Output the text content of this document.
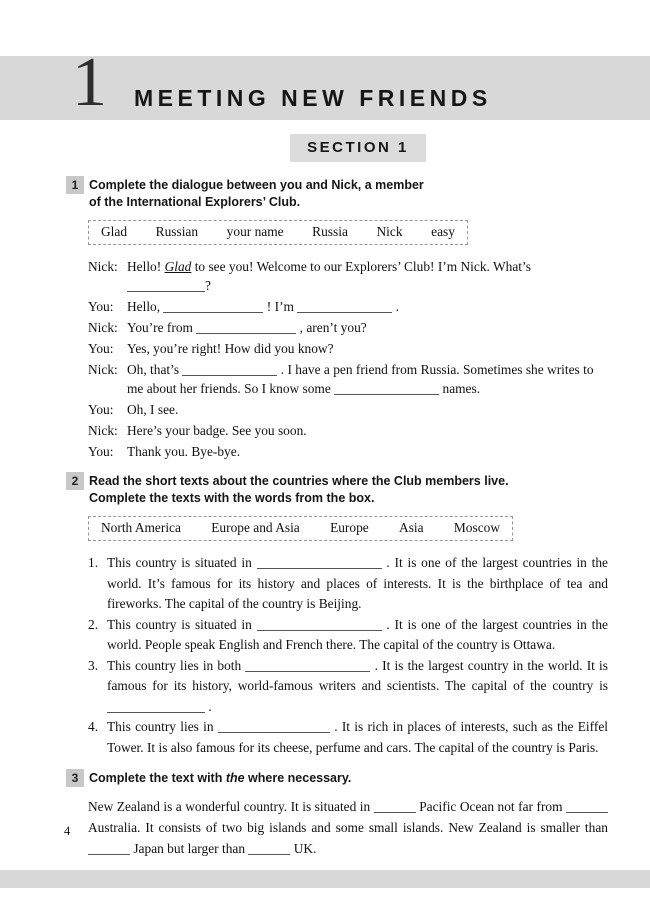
1 MEETING NEW FRIENDS
SECTION 1
1 Complete the dialogue between you and Nick, a member
of the International Explorers’ Club.
Glad Russian your name Russia Nick easy
Nick: Hello! Glad to see you! Welcome to our Explorers’ Club! I’m Nick. What’s ?
You: Hello,	! I’m	.
Nick: You’re from	, aren’t you?
You: Yes, you’re right! How did you know?
Nick: Oh, that’s	. I have a pen friend from Russia. Sometimes she writes to me about her friends. So I know some	names.
You: Oh, I see.
Nick: Here’s your badge. See you soon.
You: Thank you. Bye-bye.
2 Read the short texts about the countries where the Club members live.
Complete the texts with the words from the box.
North America Europe and Asia Europe Asia Moscow
1. This country is situated in	. It is one of the largest countries in the world. It’s famous for its history and places of interests. It is the birthplace of tea and fireworks. The capital of the country is Beijing.
2. This country is situated in	. It is one of the largest countries in the world. People speak English and French there. The capital of the country is Ottawa.
3. This country lies in both	. It is the largest country in the world. It is famous for its history, world-famous writers and scientists. The capital of the country is  .
4. This country lies in	. It is rich in places of interests, such as the Eiffel Tower. It is also famous for its cheese, perfume and cars. The capital of the country is Paris.
3 Complete the text with the where necessary.
New Zealand is a wonderful country. It is situated in	Pacific Ocean not far from  Australia. It consists of two big islands and some small islands. New Zealand is smaller than  Japan but larger than	UK.
4
